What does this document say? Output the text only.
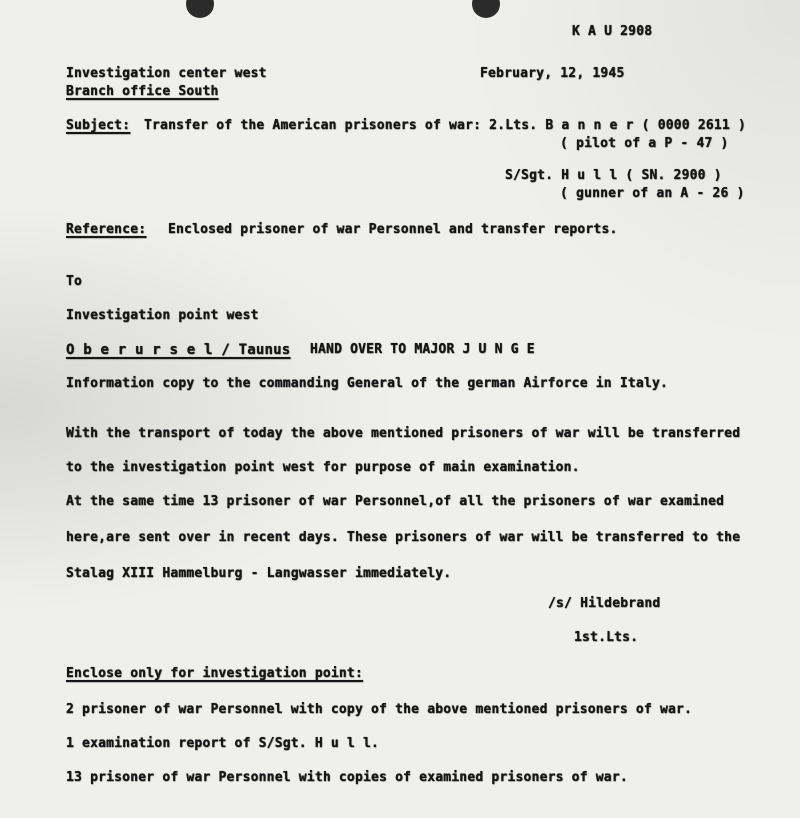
K A U 2908
Investigation center west
Branch office South
February, 12, 1945
Subject: Transfer of the American prisoners of war: 2.Lts. B a n n e r ( 0000 2611 )
( pilot of a P - 47 )
S/Sgt. H u l l ( SN. 2900 )
( gunner of an A - 26 )
Reference: Enclosed prisoner of war Personnel and transfer reports.
To
Investigation point west
O b e r u r s e l / Taunus HAND OVER TO MAJOR J U N G E
Information copy to the commanding General of the german Airforce in Italy.
With the transport of today the above mentioned prisoners of war will be transferred
to the investigation point west for purpose of main examination.
At the same time 13 prisoner of war Personnel,of all the prisoners of war examined
here,are sent over in recent days. These prisoners of war will be transferred to the
Stalag XIII Hammelburg - Langwasser immediately.
/s/ Hildebrand
1st.Lts.
Enclose only for investigation point:
2 prisoner of war Personnel with copy of the above mentioned prisoners of war.
1 examination report of S/Sgt. H u l l.
13 prisoner of war Personnel with copies of examined prisoners of war.
